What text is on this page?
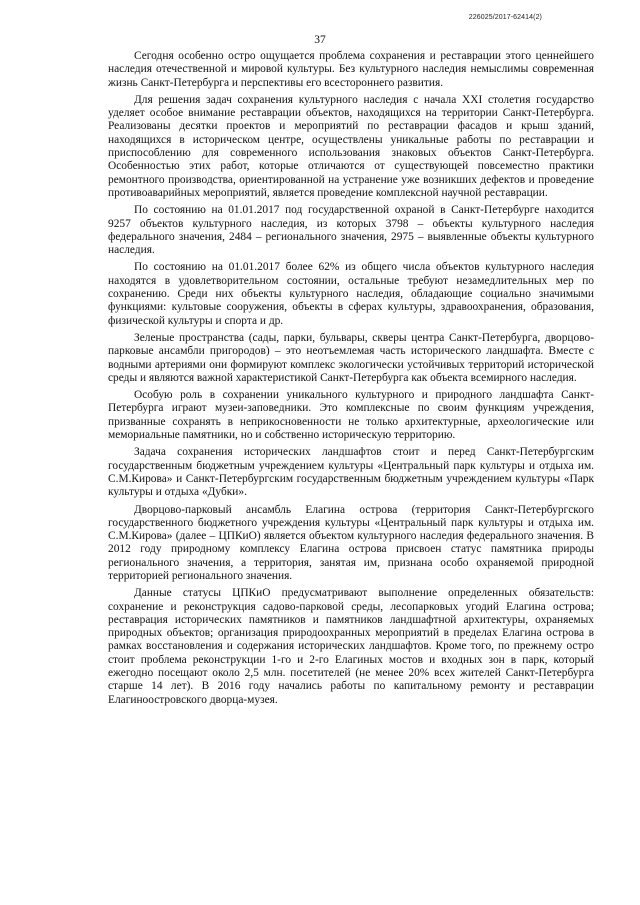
226025/2017-62414(2)
37

Сегодня особенно остро ощущается проблема сохранения и реставрации этого ценнейшего наследия отечественной и мировой культуры. Без культурного наследия немыслимы современная жизнь Санкт-Петербурга и перспективы его всестороннего развития.

Для решения задач сохранения культурного наследия с начала XXI столетия государство уделяет особое внимание реставрации объектов, находящихся на территории Санкт-Петербурга. Реализованы десятки проектов и мероприятий по реставрации фасадов и крыш зданий, находящихся в историческом центре, осуществлены уникальные работы по реставрации и приспособлению для современного использования знаковых объектов Санкт-Петербурга. Особенностью этих работ, которые отличаются от существующей повсеместно практики ремонтного производства, ориентированной на устранение уже возникших дефектов и проведение противоаварийных мероприятий, является проведение комплексной научной реставрации.

По состоянию на 01.01.2017 под государственной охраной в Санкт-Петербурге находится 9257 объектов культурного наследия, из которых 3798 – объекты культурного наследия федерального значения, 2484 – регионального значения, 2975 – выявленные объекты культурного наследия.

По состоянию на 01.01.2017 более 62% из общего числа объектов культурного наследия находятся в удовлетворительном состоянии, остальные требуют незамедлительных мер по сохранению. Среди них объекты культурного наследия, обладающие социально значимыми функциями: культовые сооружения, объекты в сферах культуры, здравоохранения, образования, физической культуры и спорта и др.

Зеленые пространства (сады, парки, бульвары, скверы центра Санкт-Петербурга, дворцово-парковые ансамбли пригородов) – это неотъемлемая часть исторического ландшафта. Вместе с водными артериями они формируют комплекс экологически устойчивых территорий исторической среды и являются важной характеристикой Санкт-Петербурга как объекта всемирного наследия.

Особую роль в сохранении уникального культурного и природного ландшафта Санкт-Петербурга играют музеи-заповедники. Это комплексные по своим функциям учреждения, призванные сохранять в неприкосновенности не только архитектурные, археологические или мемориальные памятники, но и собственно историческую территорию.

Задача сохранения исторических ландшафтов стоит и перед Санкт-Петербургским государственным бюджетным учреждением культуры «Центральный парк культуры и отдыха им. С.М.Кирова» и Санкт-Петербургским государственным бюджетным учреждением культуры «Парк культуры и отдыха «Дубки».

Дворцово-парковый ансамбль Елагина острова (территория Санкт-Петербургского государственного бюджетного учреждения культуры «Центральный парк культуры и отдыха им. С.М.Кирова» (далее – ЦПКиО) является объектом культурного наследия федерального значения. В 2012 году природному комплексу Елагина острова присвоен статус памятника природы регионального значения, а территория, занятая им, признана особо охраняемой природной территорией регионального значения.

Данные статусы ЦПКиО предусматривают выполнение определенных обязательств: сохранение и реконструкция садово-парковой среды, лесопарковых угодий Елагина острова; реставрация исторических памятников и памятников ландшафтной архитектуры, охраняемых природных объектов; организация природоохранных мероприятий в пределах Елагина острова в рамках восстановления и содержания исторических ландшафтов. Кроме того, по прежнему остро стоит проблема реконструкции 1-го и 2-го Елагиных мостов и входных зон в парк, который ежегодно посещают около 2,5 млн. посетителей (не менее 20% всех жителей Санкт-Петербурга старше 14 лет). В 2016 году начались работы по капитальному ремонту и реставрации Елагиноостровского дворца-музея.
